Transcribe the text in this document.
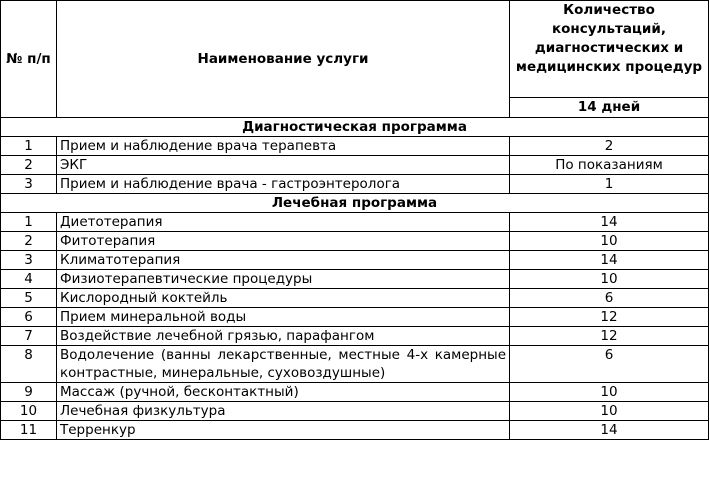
№ п/п	Наименование услуги	Количество консультаций, диагностических и медицинских процедур
		14 дней
Диагностическая программа		
1	Прием и наблюдение врача терапевта	2
2	ЭКГ	По показаниям
3	Прием и наблюдение врача - гастроэнтеролога	1
Лечебная программа		
1	Диетотерапия	14
2	Фитотерапия	10
3	Климатотерапия	14
4	Физиотерапевтические процедуры	10
5	Кислородный коктейль	6
6	Прием минеральной воды	12
7	Воздействие лечебной грязью, парафангом	12
8	Водолечение (ванны лекарственные, местные 4-х камерные контрастные, минеральные, суховоздушные)	6
9	Массаж (ручной, бесконтактный)	10
10	Лечебная физкультура	10
11	Терренкур	14
